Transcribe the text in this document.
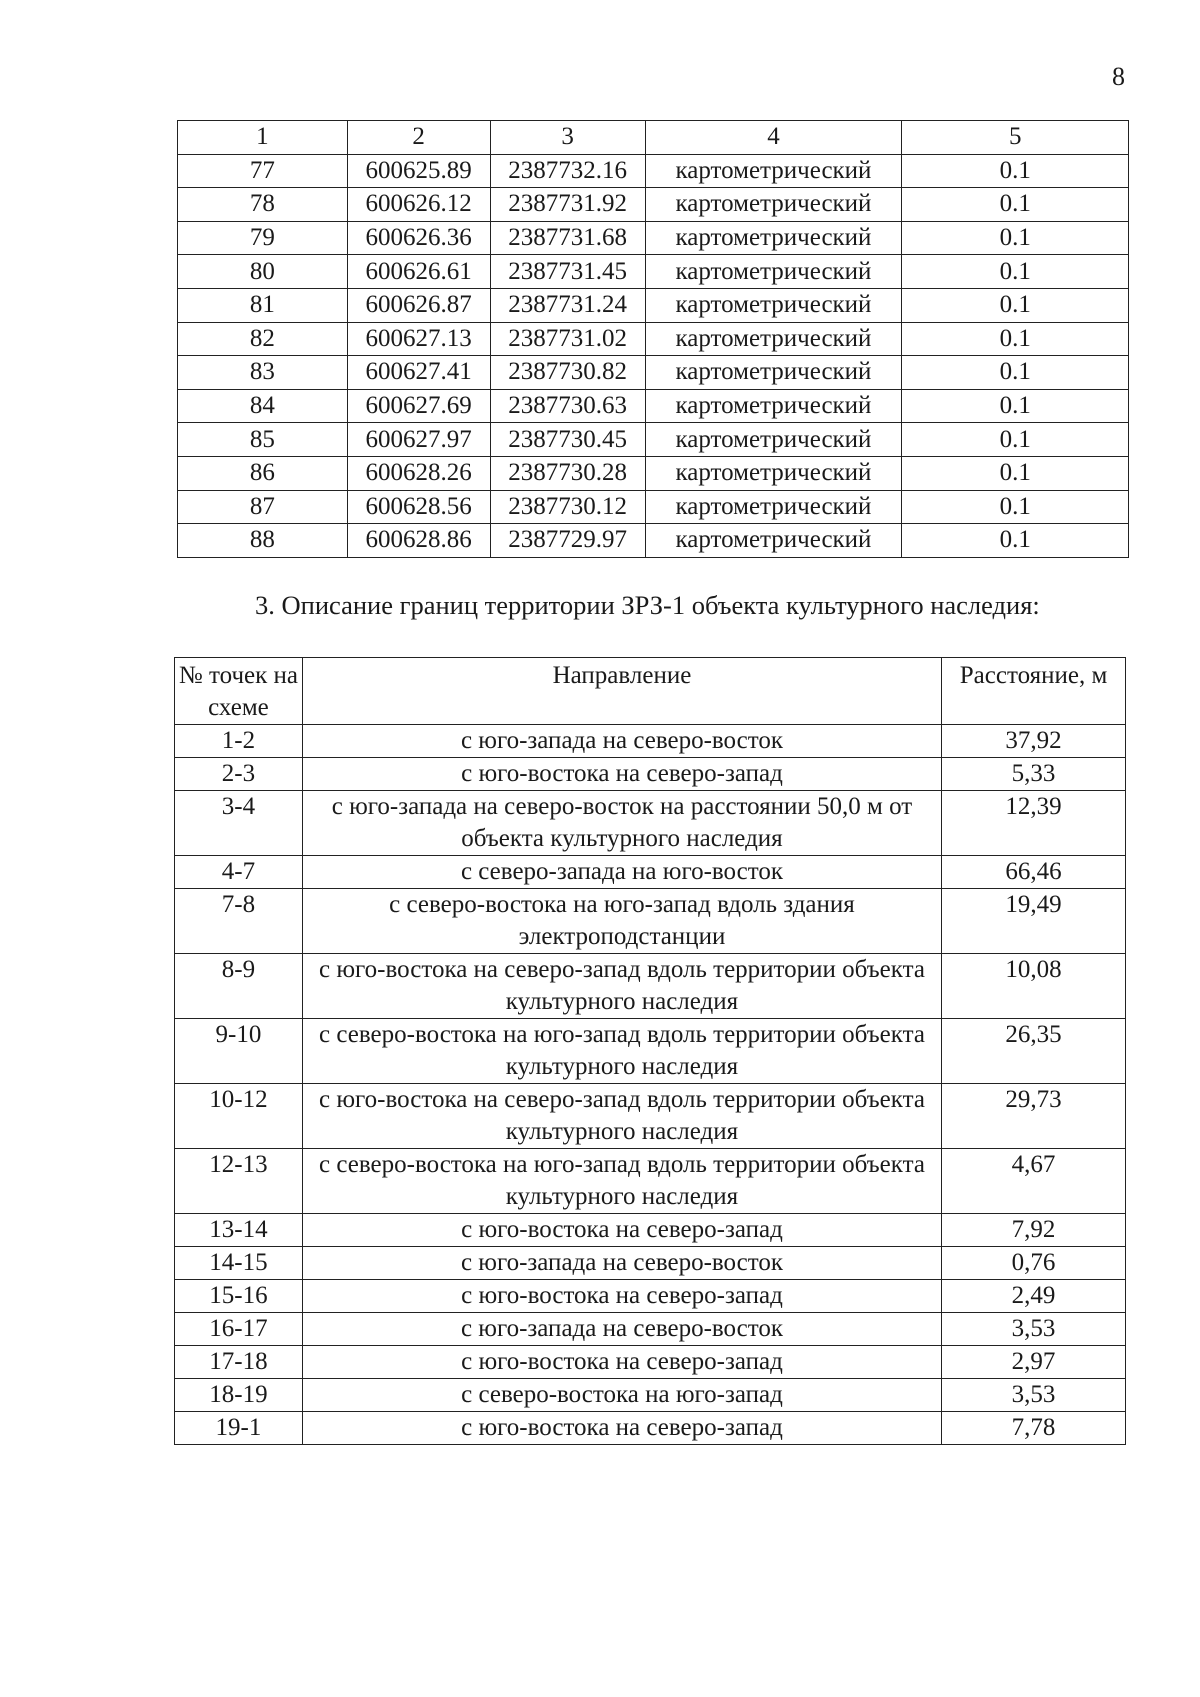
8
1	2	3	4	5
77	600625.89	2387732.16	картометрический	0.1
78	600626.12	2387731.92	картометрический	0.1
79	600626.36	2387731.68	картометрический	0.1
80	600626.61	2387731.45	картометрический	0.1
81	600626.87	2387731.24	картометрический	0.1
82	600627.13	2387731.02	картометрический	0.1
83	600627.41	2387730.82	картометрический	0.1
84	600627.69	2387730.63	картометрический	0.1
85	600627.97	2387730.45	картометрический	0.1
86	600628.26	2387730.28	картометрический	0.1
87	600628.56	2387730.12	картометрический	0.1
88	600628.86	2387729.97	картометрический	0.1
3. Описание границ территории ЗРЗ-1 объекта культурного наследия:
№ точек на схеме	Направление	Расстояние, м
1-2	с юго-запада на северо-восток	37,92
2-3	с юго-востока на северо-запад	5,33
3-4	с юго-запада на северо-восток на расстоянии 50,0 м от объекта культурного наследия	12,39
4-7	с северо-запада на юго-восток	66,46
7-8	с северо-востока на юго-запад вдоль здания электроподстанции	19,49
8-9	с юго-востока на северо-запад вдоль территории объекта культурного наследия	10,08
9-10	с северо-востока на юго-запад вдоль территории объекта культурного наследия	26,35
10-12	с юго-востока на северо-запад вдоль территории объекта культурного наследия	29,73
12-13	с северо-востока на юго-запад вдоль территории объекта культурного наследия	4,67
13-14	с юго-востока на северо-запад	7,92
14-15	с юго-запада на северо-восток	0,76
15-16	с юго-востока на северо-запад	2,49
16-17	с юго-запада на северо-восток	3,53
17-18	с юго-востока на северо-запад	2,97
18-19	с северо-востока на юго-запад	3,53
19-1	с юго-востока на северо-запад	7,78
